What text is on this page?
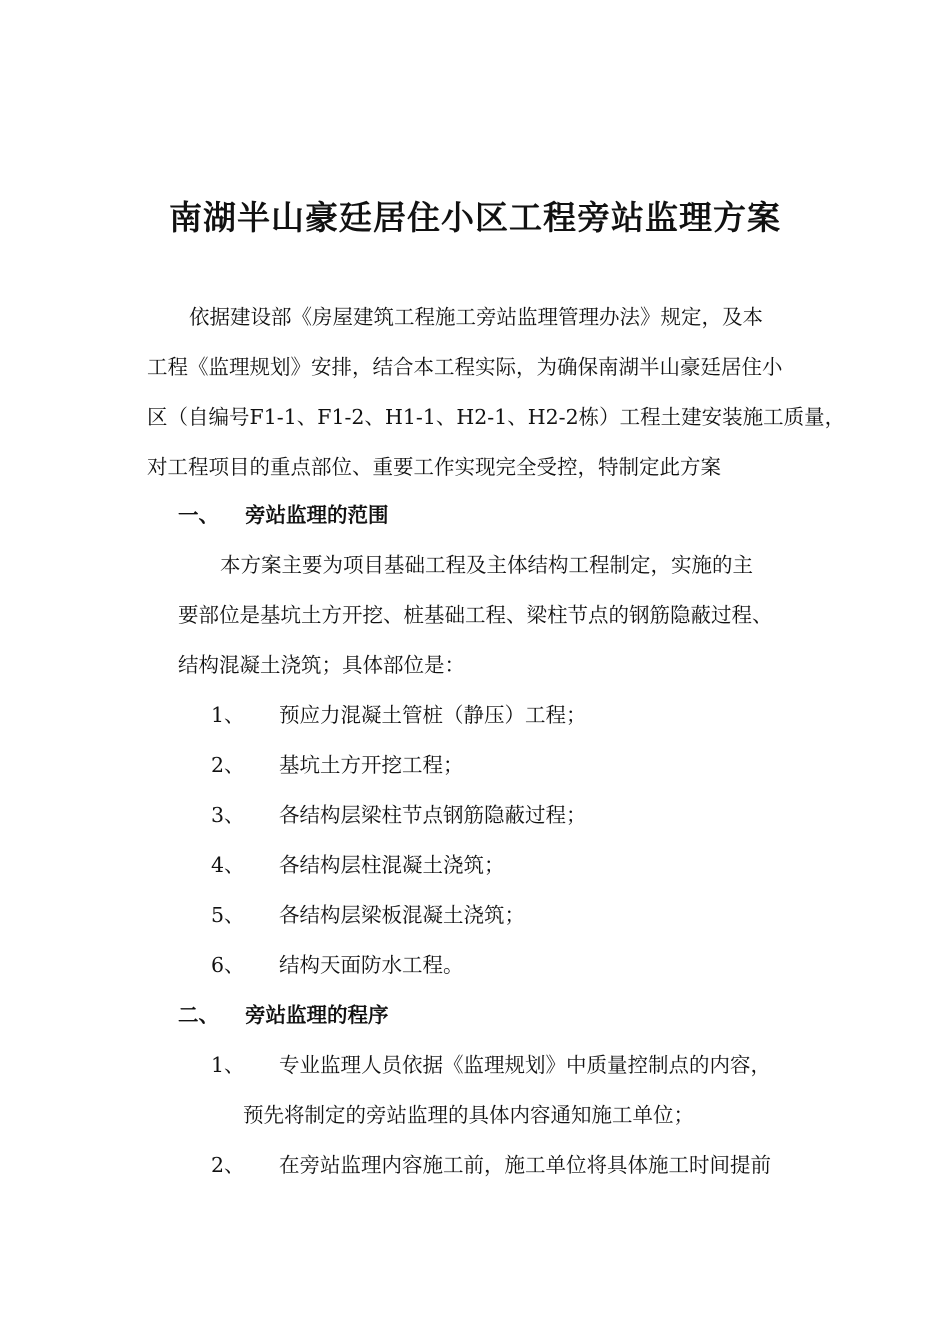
南湖半山豪廷居住小区工程旁站监理方案
依据建设部《房屋建筑工程施工旁站监理管理办法》规定，及本
工程《监理规划》安排，结合本工程实际，为确保南湖半山豪廷居住小
区（自编号F1-1、F1-2、H1-1、H2-1、H2-2栋）工程土建安装施工质量，
对工程项目的重点部位、重要工作实现完全受控，特制定此方案
一、 旁站监理的范围
本方案主要为项目基础工程及主体结构工程制定，实施的主
要部位是基坑土方开挖、桩基础工程、梁柱节点的钢筋隐蔽过程、
结构混凝土浇筑；具体部位是：
1、 预应力混凝土管桩（静压）工程；
2、 基坑土方开挖工程；
3、 各结构层梁柱节点钢筋隐蔽过程；
4、 各结构层柱混凝土浇筑；
5、 各结构层梁板混凝土浇筑；
6、 结构天面防水工程。
二、 旁站监理的程序
1、 专业监理人员依据《监理规划》中质量控制点的内容，
预先将制定的旁站监理的具体内容通知施工单位；
2、 在旁站监理内容施工前，施工单位将具体施工时间提前
